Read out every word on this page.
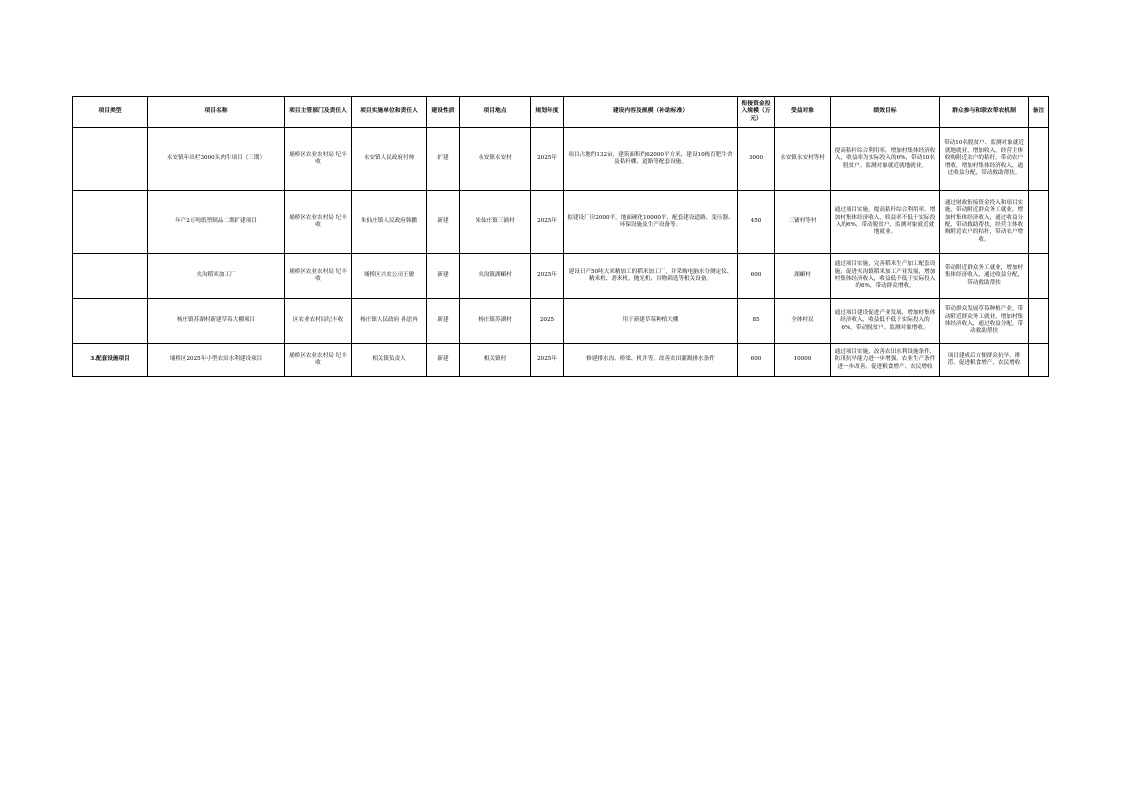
项目类型	项目名称	项目主管部门及责任人	项目实施单位和责任人	建设性质	项目地点	规划年度	建设内容及规模（补助标准）	衔接资金投入规模（万元）	受益对象	绩效目标	群众参与和联农带农机制	备注
	永安镇年出栏3000头肉牛项目（三期）	埇桥区农业农村局 纪丰收	永安镇人民政府付帅	扩建	永安镇永安村	2025年	项目占地约132亩，建筑面积约62000平方米，建设10栋育肥牛舍及秸秆棚、道路等配套设施。	3000	永安镇永安村等村	提高秸秆综合利用率，增加村集体经济收入，收益率为实际投入的6%，带动10名脱贫户、监测对象就近就地就业。	带动10名脱贫户、监测对象就近就地就业，增加收入，经营主体收购附近农户的秸秆，带动农户增收，增加村集体经济收入，通过收益分配，带动救助帮扶。	
	年产2万吨纸塑制品二期扩建项目	埇桥区农业农村局 纪丰收	朱仙庄镇人民政府韩鹏	新建	朱仙庄镇三铺村	2025年	拟建设厂房2000平，地面硬化10000平，配套建设道路、变压器、环保设施及生产设备等。	450	三铺村等村	通过项目实施，提高秸秆综合利用率，增加村集体经济收入，收益率不低于实际投入的6%，带动脱贫户、监测对象就近就地就业。	通过财政衔接资金投入和项目实施，带动附近群众务工就业，增加村集体经济收入，通过收益分配，带动救助帮扶，经营主体收购附近农户的秸秆，带动农户增收。	
	夹沟稻米加工厂	埇桥区农业农村局 纪丰收	埇桥区兴农公司王敏	新建	夹沟镇湖嵋村	2025年	建设日产50吨大米精加工的稻米加工厂，并采购电脑水分测定仪、精米机、砻米机、抛光机、谷物筛选等相关设备。	600	湖嵋村	通过项目实施，完善稻米生产加工配套设施，促进夹沟镇稻米加工产业发展，增加村集体经济收入，收益低不低于实际投入的6%，带动群众增收。	带动附近群众务工就业，增加村集体经济收入，通过收益分配，带动救助帮扶	
	杨庄镇苏湖村新建草莓大棚项目	区农业农村局纪丰收	杨庄镇人民政府 孙思冉	新建	杨庄镇苏湖村	2025	用于新建草莓种植大棚	85	全体村民	通过项目建设促进产业发展，增加村集体经济收入，收益低不低于实际投入的6%，带动脱贫户、监测对象增收。	带动群众发展草莓种植产业，带动附近群众务工就业，增加村集体经济收入，通过收益分配，带动救助帮扶	
3.配套设施项目	埇桥区2025年小型农田水利建设项目	埇桥区农业农村局 纪丰收	相关镇负责人	新建	相关镇村	2025年	修建排水沟、桥梁、机井等，改善农田灌溉排水条件	600	10000	通过项目实施，改善农田水利设施条件，防汛抗旱能力进一步增强，农业生产条件进一步改善，促进粮食增产、农民增收	项目建成后方便群众抗旱、排涝，促进粮食增产，农民增收	
